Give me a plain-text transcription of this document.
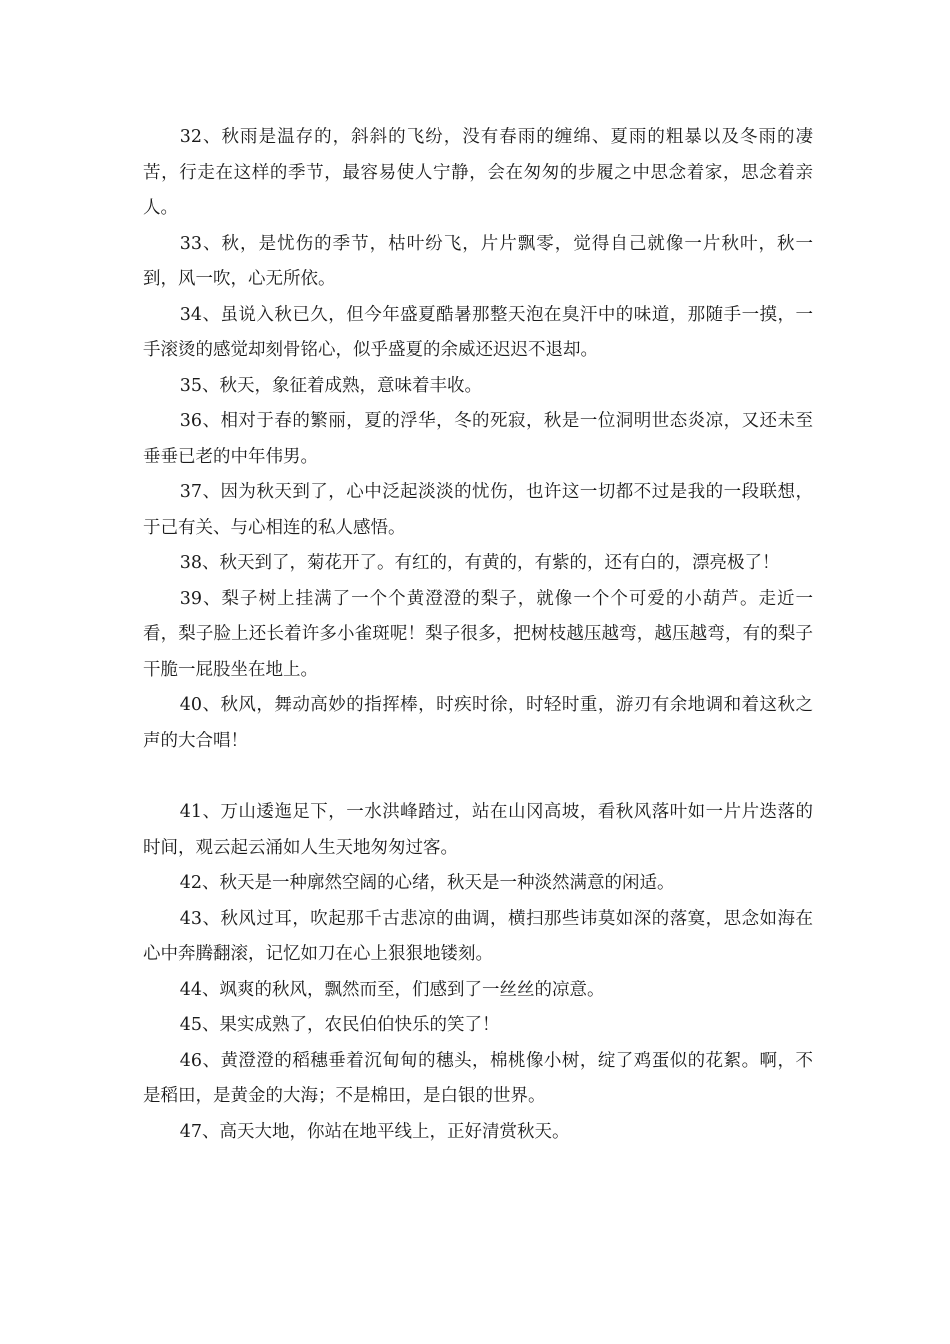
32、秋雨是温存的，斜斜的飞纷，没有春雨的缠绵、夏雨的粗暴以及冬雨的凄苦，行走在这样的季节，最容易使人宁静，会在匆匆的步履之中思念着家，思念着亲人。

33、秋，是忧伤的季节，枯叶纷飞，片片飘零，觉得自己就像一片秋叶，秋一到，风一吹，心无所依。

34、虽说入秋已久，但今年盛夏酷暑那整天泡在臭汗中的味道，那随手一摸，一手滚烫的感觉却刻骨铭心，似乎盛夏的余威还迟迟不退却。

35、秋天，象征着成熟，意味着丰收。

36、相对于春的繁丽，夏的浮华，冬的死寂，秋是一位洞明世态炎凉，又还未至垂垂已老的中年伟男。

37、因为秋天到了，心中泛起淡淡的忧伤，也许这一切都不过是我的一段联想，于己有关、与心相连的私人感悟。

38、秋天到了，菊花开了。有红的，有黄的，有紫的，还有白的，漂亮极了！

39、梨子树上挂满了一个个黄澄澄的梨子，就像一个个可爱的小葫芦。走近一看，梨子脸上还长着许多小雀斑呢！梨子很多，把树枝越压越弯，越压越弯，有的梨子干脆一屁股坐在地上。

40、秋风，舞动高妙的指挥棒，时疾时徐，时轻时重，游刃有余地调和着这秋之声的大合唱！

41、万山逶迤足下，一水洪峰踏过，站在山冈高坡，看秋风落叶如一片片迭落的时间，观云起云涌如人生天地匆匆过客。

42、秋天是一种廓然空阔的心绪，秋天是一种淡然满意的闲适。

43、秋风过耳，吹起那千古悲凉的曲调，横扫那些讳莫如深的落寞，思念如海在心中奔腾翻滚，记忆如刀在心上狠狠地镂刻。

44、飒爽的秋风，飘然而至，们感到了一丝丝的凉意。

45、果实成熟了，农民伯伯快乐的笑了！

46、黄澄澄的稻穗垂着沉甸甸的穗头，棉桃像小树，绽了鸡蛋似的花絮。啊，不是稻田，是黄金的大海；不是棉田，是白银的世界。

47、高天大地，你站在地平线上，正好清赏秋天。
